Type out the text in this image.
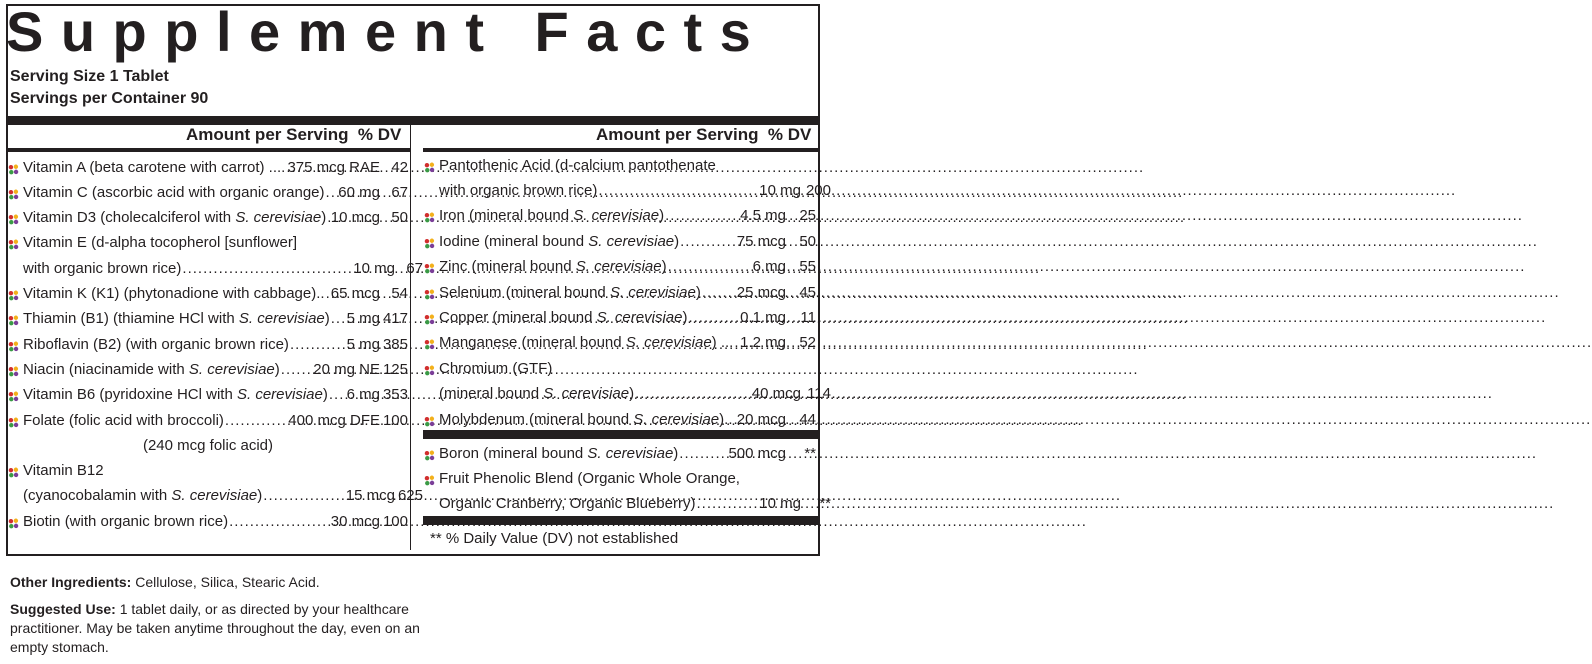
Supplement Facts
Serving Size 1 Tablet
Servings per Container 90
Amount per Serving % DV	Amount per Serving % DV
Vitamin A (beta carotene with carrot) .... ..... 375 mcg RAE 42
Vitamin C (ascorbic acid with organic orange) ..... 60 mg 67
Vitamin D3 (cholecalciferol with S. cerevisiae) ..... 10 mcg 50
Vitamin E (d-alpha tocopherol [sunflower]
with organic brown rice) .....	10 mg 67
Vitamin K (K1) (phytonadione with cabbage).. ..... 65 mcg 54
Thiamin (B1) (thiamine HCl with S. cerevisiae) ..... 5 mg 417
Riboflavin (B2) (with organic brown rice) .....	5 mg 385
Niacin (niacinamide with S. cerevisiae) ..... 20 mg NE 125
Vitamin B6 (pyridoxine HCl with S. cerevisiae) ..... 6 mg 353
Folate (folic acid with broccoli) .....	400 mcg DFE 100
(240 mcg folic acid)
Vitamin B12
(cyanocobalamin with S. cerevisiae) .....	15 mcg 625
Biotin (with organic brown rice) .....	30 mcg 100
Pantothenic Acid (d-calcium pantothenate
with organic brown rice) .....	10 mg 200
Iron (mineral bound S. cerevisiae) .....	4.5 mg 25
Iodine (mineral bound S. cerevisiae) .....	75 mcg 50
Zinc (mineral bound S. cerevisiae) .....	6 mg 55
Selenium (mineral bound S. cerevisiae) ..... 25 mcg 45
Copper (mineral bound S. cerevisiae) .....	0.1 mg 11
Manganese (mineral bound S. cerevisiae) ... ..... 1.2 mg 52
Chromium (GTF)
(mineral bound S. cerevisiae) .....	40 mcg 114
Molybdenum (mineral bound S. cerevisiae).. ..... 20 mcg 44
Boron (mineral bound S. cerevisiae) .....	500 mcg	**
Fruit Phenolic Blend (Organic Whole Orange,
Organic Cranberry, Organic Blueberry) .....	10 mg	**
** % Daily Value (DV) not established
Other Ingredients: Cellulose, Silica, Stearic Acid.
Suggested Use: 1 tablet daily, or as directed by your healthcare practitioner. May be taken anytime throughout the day, even on an empty stomach.
